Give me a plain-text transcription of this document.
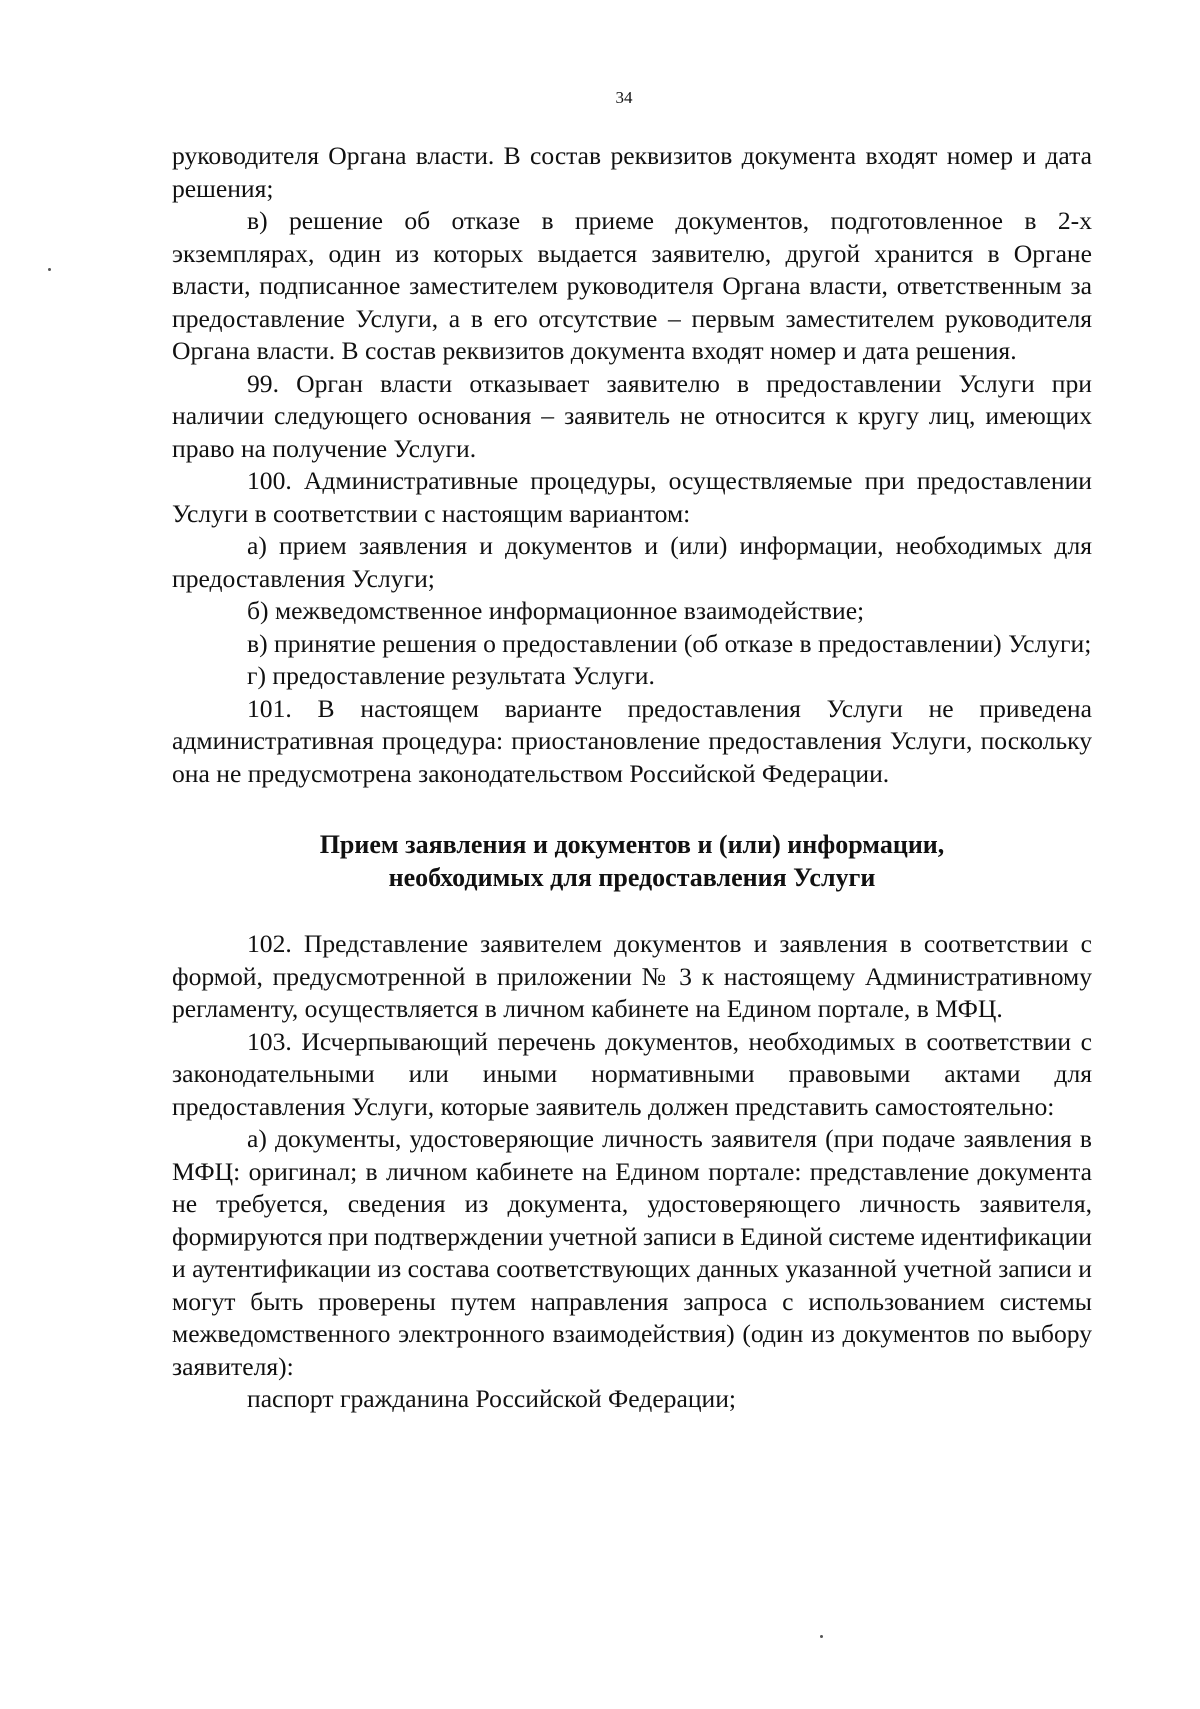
34

руководителя Органа власти. В состав реквизитов документа входят номер и дата решения;

в) решение об отказе в приеме документов, подготовленное в 2-х экземплярах, один из которых выдается заявителю, другой хранится в Органе власти, подписанное заместителем руководителя Органа власти, ответственным за предоставление Услуги, а в его отсутствие – первым заместителем руководителя Органа власти. В состав реквизитов документа входят номер и дата решения.

99. Орган власти отказывает заявителю в предоставлении Услуги при наличии следующего основания – заявитель не относится к кругу лиц, имеющих право на получение Услуги.

100. Административные процедуры, осуществляемые при предоставлении Услуги в соответствии с настоящим вариантом:

а) прием заявления и документов и (или) информации, необходимых для предоставления Услуги;

б) межведомственное информационное взаимодействие;

в) принятие решения о предоставлении (об отказе в предоставлении) Услуги;

г) предоставление результата Услуги.

101. В настоящем варианте предоставления Услуги не приведена административная процедура: приостановление предоставления Услуги, поскольку она не предусмотрена законодательством Российской Федерации.

Прием заявления и документов и (или) информации,
необходимых для предоставления Услуги

102. Представление заявителем документов и заявления в соответствии с формой, предусмотренной в приложении № 3 к настоящему Административному регламенту, осуществляется в личном кабинете на Едином портале, в МФЦ.

103. Исчерпывающий перечень документов, необходимых в соответствии с законодательными или иными нормативными правовыми актами для предоставления Услуги, которые заявитель должен представить самостоятельно:

а) документы, удостоверяющие личность заявителя (при подаче заявления в МФЦ: оригинал; в личном кабинете на Едином портале: представление документа не требуется, сведения из документа, удостоверяющего личность заявителя, формируются при подтверждении учетной записи в Единой системе идентификации и аутентификации из состава соответствующих данных указанной учетной записи и могут быть проверены путем направления запроса с использованием системы межведомственного электронного взаимодействия) (один из документов по выбору заявителя):

паспорт гражданина Российской Федерации;
